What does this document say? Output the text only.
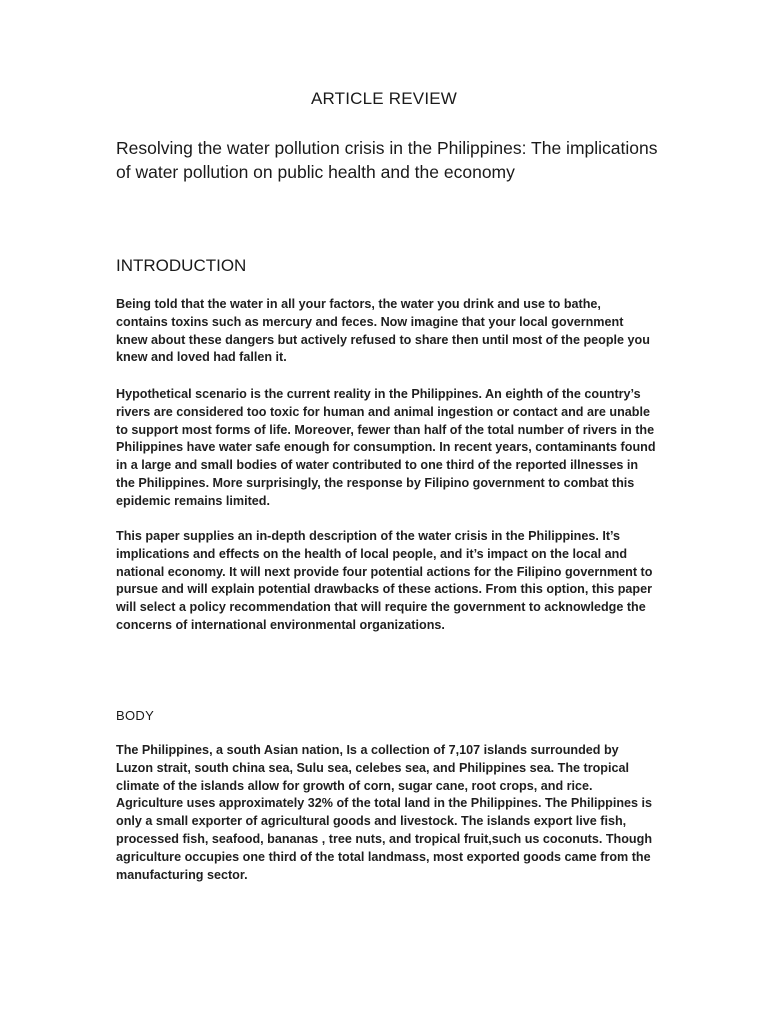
ARTICLE REVIEW
Resolving the water pollution crisis in the Philippines: The implications of water pollution on public health and the economy
INTRODUCTION

Being told that the water in all your factors, the water you drink and use to bathe, contains toxins such as mercury and feces. Now imagine that your local government knew about these dangers but actively refused to share then until most of the people you knew and loved had fallen it.

Hypothetical scenario is the current reality in the Philippines. An eighth of the country’s rivers are considered too toxic for human and animal ingestion or contact and are unable to support most forms of life. Moreover, fewer than half of the total number of rivers in the Philippines have water safe enough for consumption. In recent years, contaminants found in a large and small bodies of water contributed to one third of the reported illnesses in the Philippines. More surprisingly, the response by Filipino government to combat this epidemic remains limited.

This paper supplies an in-depth description of the water crisis in the Philippines. It’s implications and effects on the health of local people, and it’s impact on the local and national economy. It will next provide four potential actions for the Filipino government to pursue and will explain potential drawbacks of these actions. From this option, this paper will select a policy recommendation that will require the government to acknowledge the concerns of international environmental organizations.

BODY

The Philippines, a south Asian nation, Is a collection of 7,107 islands surrounded by Luzon strait, south china sea, Sulu sea, celebes sea, and Philippines sea. The tropical climate of the islands allow for growth of corn, sugar cane, root crops, and rice. Agriculture uses approximately 32% of the total land in the Philippines. The Philippines is only a small exporter of agricultural goods and livestock. The islands export live fish, processed fish, seafood, bananas , tree nuts, and tropical fruit,such us coconuts. Though agriculture occupies one third of the total landmass, most exported goods came from the manufacturing sector.
